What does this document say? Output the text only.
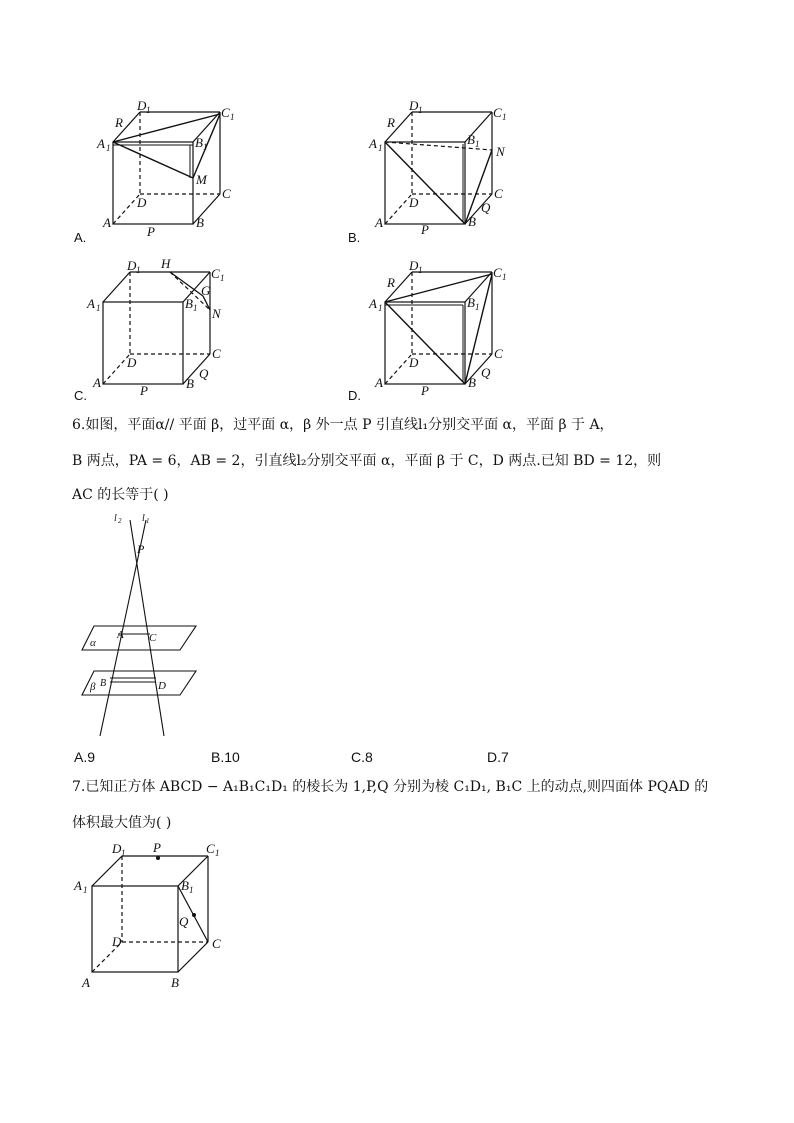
D 1	C 1
R
A 1	B 1
M
C
D
A
P
B
A.
D 1	C 1
R
A 1
B 1 N
C
D	Q
A	P
B
B.
D 1 H
C 1
G
A 1	B 1 N
C
D
Q
A
P	B
C.
D 1	C 1
R
A 1	B 1
C
D
Q
A
P
B
D.
6.如图，平面α// 平面 β，过平面 α，β 外一点 P 引直线l₁分别交平面 α，平面 β 于 A，
B 两点，PA = 6，AB = 2，引直线l₂分别交平面 α，平面 β 于 C，D 两点.已知 BD = 12，则
AC 的长等于( )
l 2 l 1
P
A C
α
β B	D
A.9	B.10	C.8	D.7
7.已知正方体 ABCD − A₁B₁C₁D₁ 的棱长为 1,P,Q 分别为棱 C₁D₁, B₁C 上的动点,则四面体 PQAD 的
体积最大值为( )
D 1 P	C 1
A 1	B 1
Q
D	C
A	B
